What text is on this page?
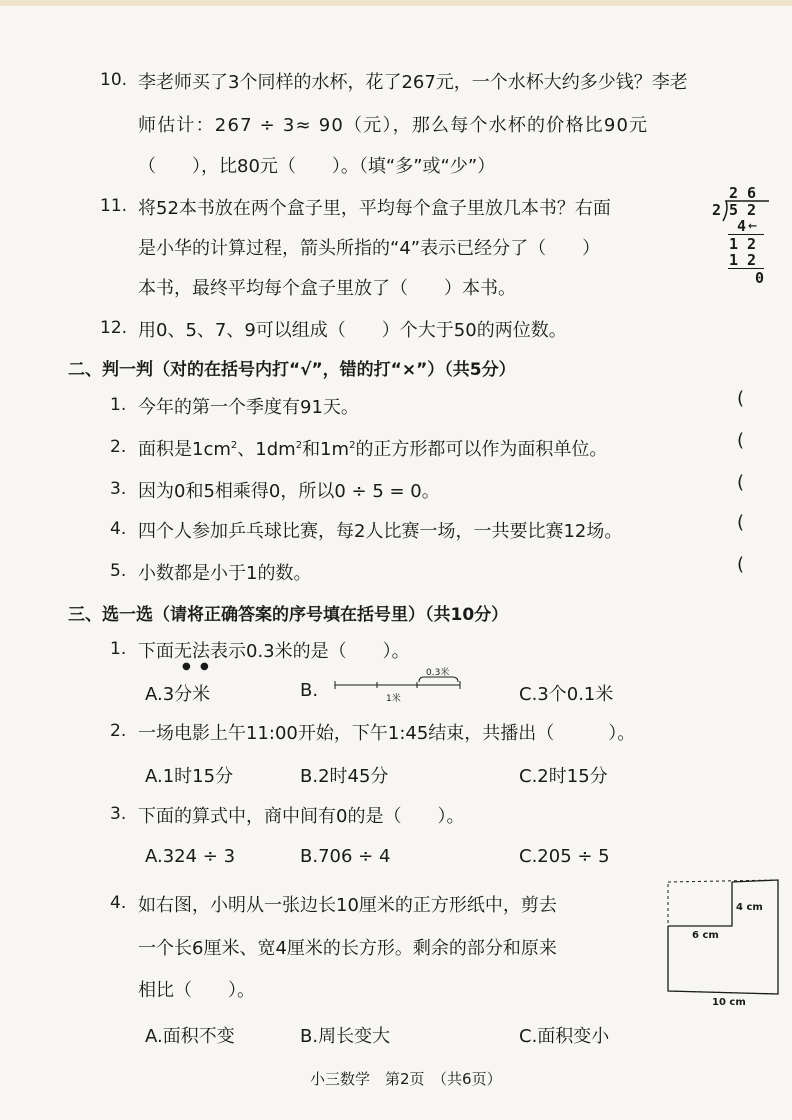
10. 李老师买了3个同样的水杯，花了267元，一个水杯大约多少钱？李老
师估计：267 ÷ 3≈ 90（元），那么每个水杯的价格比90元
（　　），比80元（　　）。（填“多”或“少”）
11. 将52本书放在两个盒子里，平均每个盒子里放几本书？右面
是小华的计算过程，箭头所指的“4”表示已经分了（　　）
本书，最终平均每个盒子里放了（　　）本书。
2 6
2 5 2
4 ←
1 2
1 2
0
12. 用0、5、7、9可以组成（　　）个大于50的两位数。
二、判一判（对的在括号内打“√”，错的打“×”）（共5分）
1. 今年的第一个季度有91天。	(
2. 面积是$1cm^2$、$1dm^2$和$1m^2$的正方形都可以作为面积单位。	(
3. 因为0和5相乘得0，所以0 ÷ 5 = 0。	(
4. 四个人参加乒乓球比赛，每2人比赛一场，一共要比赛12场。	(
5. 小数都是小于1的数。	(
三、选一选（请将正确答案的序号填在括号里）（共10分）
1. 下面无法
● ●
表示0.3米的是（　　）。
A.3分米	B.
0.3米
1米	C.3个0.1米
2. 一场电影上午11:00开始，下午1:45结束，共播出（　　　）。
A.1时15分	B.2时45分	C.2时15分
3. 下面的算式中，商中间有0的是（　　）。
A.324 ÷ 3	B.706 ÷ 4	C.205 ÷ 5
4. 如右图，小明从一张边长10厘米的正方形纸中，剪去
一个长6厘米、宽4厘米的长方形。剩余的部分和原来
相比（　　）。
A.面积不变	B.周长变大	C.面积变小
4 cm
6 cm
10 cm
小三数学　第2页　（共6页）
